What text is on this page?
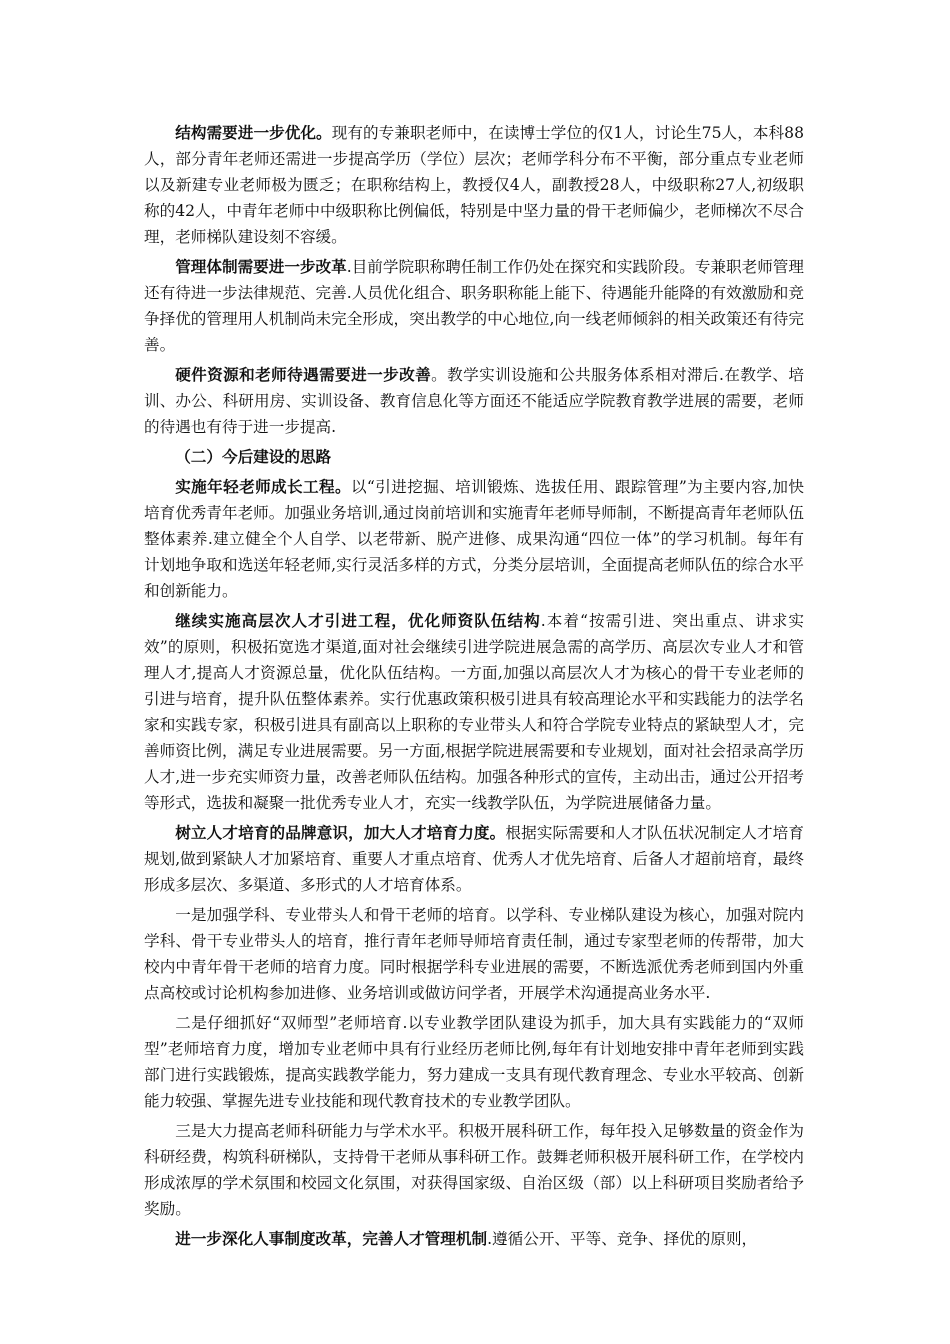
结构需要进一步优化。现有的专兼职老师中，在读博士学位的仅1人，讨论生75人，本科88人，部分青年老师还需进一步提高学历（学位）层次；老师学科分布不平衡，部分重点专业老师以及新建专业老师极为匮乏；在职称结构上，教授仅4人，副教授28人，中级职称27人,初级职称的42人，中青年老师中中级职称比例偏低，特别是中坚力量的骨干老师偏少，老师梯次不尽合理，老师梯队建设刻不容缓。

管理体制需要进一步改革.目前学院职称聘任制工作仍处在探究和实践阶段。专兼职老师管理还有待进一步法律规范、完善.人员优化组合、职务职称能上能下、待遇能升能降的有效激励和竞争择优的管理用人机制尚未完全形成，突出教学的中心地位,向一线老师倾斜的相关政策还有待完善。

硬件资源和老师待遇需要进一步改善。教学实训设施和公共服务体系相对滞后.在教学、培训、办公、科研用房、实训设备、教育信息化等方面还不能适应学院教育教学进展的需要，老师的待遇也有待于进一步提高.

（二）今后建设的思路

实施年轻老师成长工程。以“引进挖掘、培训锻炼、选拔任用、跟踪管理”为主要内容,加快培育优秀青年老师。加强业务培训,通过岗前培训和实施青年老师导师制，不断提高青年老师队伍整体素养.建立健全个人自学、以老带新、脱产进修、成果沟通“四位一体”的学习机制。每年有计划地争取和选送年轻老师,实行灵活多样的方式，分类分层培训，全面提高老师队伍的综合水平和创新能力。

继续实施高层次人才引进工程，优化师资队伍结构.本着“按需引进、突出重点、讲求实效”的原则，积极拓宽选才渠道,面对社会继续引进学院进展急需的高学历、高层次专业人才和管理人才,提高人才资源总量，优化队伍结构。一方面,加强以高层次人才为核心的骨干专业老师的引进与培育，提升队伍整体素养。实行优惠政策积极引进具有较高理论水平和实践能力的法学名家和实践专家，积极引进具有副高以上职称的专业带头人和符合学院专业特点的紧缺型人才，完善师资比例，满足专业进展需要。另一方面,根据学院进展需要和专业规划，面对社会招录高学历人才,进一步充实师资力量，改善老师队伍结构。加强各种形式的宣传，主动出击，通过公开招考等形式，选拔和凝聚一批优秀专业人才，充实一线教学队伍，为学院进展储备力量。

树立人才培育的品牌意识，加大人才培育力度。根据实际需要和人才队伍状况制定人才培育规划,做到紧缺人才加紧培育、重要人才重点培育、优秀人才优先培育、后备人才超前培育，最终形成多层次、多渠道、多形式的人才培育体系。

一是加强学科、专业带头人和骨干老师的培育。以学科、专业梯队建设为核心，加强对院内学科、骨干专业带头人的培育，推行青年老师导师培育责任制，通过专家型老师的传帮带，加大校内中青年骨干老师的培育力度。同时根据学科专业进展的需要，不断选派优秀老师到国内外重点高校或讨论机构参加进修、业务培训或做访问学者，开展学术沟通提高业务水平.

二是仔细抓好“双师型”老师培育.以专业教学团队建设为抓手，加大具有实践能力的“双师型”老师培育力度，增加专业老师中具有行业经历老师比例,每年有计划地安排中青年老师到实践部门进行实践锻炼，提高实践教学能力，努力建成一支具有现代教育理念、专业水平较高、创新能力较强、掌握先进专业技能和现代教育技术的专业教学团队。

三是大力提高老师科研能力与学术水平。积极开展科研工作，每年投入足够数量的资金作为科研经费，构筑科研梯队，支持骨干老师从事科研工作。鼓舞老师积极开展科研工作，在学校内形成浓厚的学术氛围和校园文化氛围，对获得国家级、自治区级（部）以上科研项目奖励者给予奖励。

进一步深化人事制度改革，完善人才管理机制.遵循公开、平等、竞争、择优的原则，
